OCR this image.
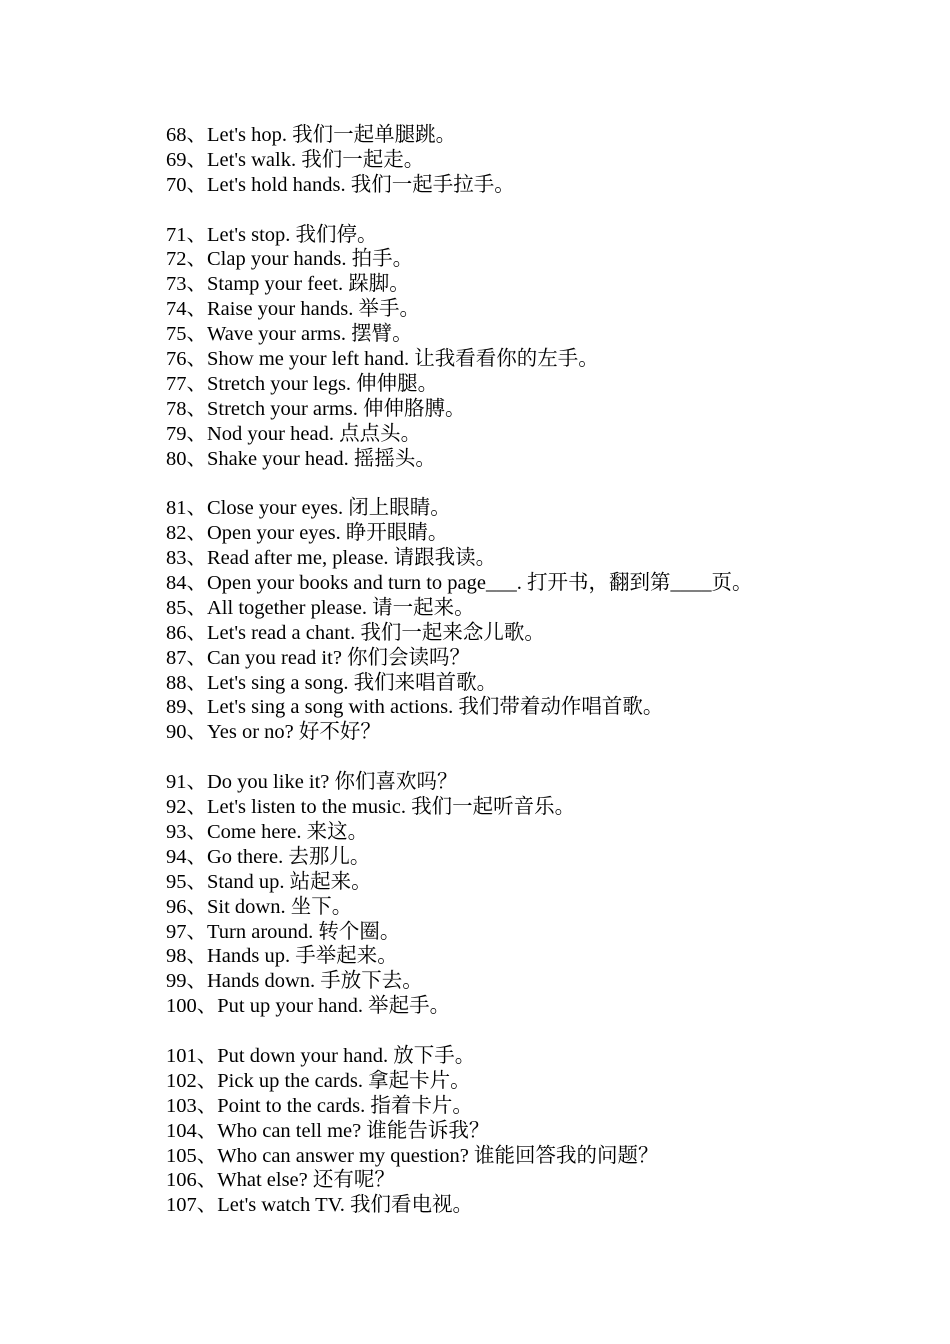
68、Let's hop. 我们一起单腿跳。
69、Let's walk. 我们一起走。
70、Let's hold hands. 我们一起手拉手。
71、Let's stop. 我们停。
72、Clap your hands. 拍手。
73、Stamp your feet. 跺脚。
74、Raise your hands. 举手。
75、Wave your arms. 摆臂。
76、Show me your left hand. 让我看看你的左手。
77、Stretch your legs. 伸伸腿。
78、Stretch your arms. 伸伸胳膊。
79、Nod your head. 点点头。
80、Shake your head. 摇摇头。
81、Close your eyes. 闭上眼睛。
82、Open your eyes. 睁开眼睛。
83、Read after me, please. 请跟我读。
84、Open your books and turn to page___. 打开书，翻到第____页。
85、All together please. 请一起来。
86、Let's read a chant. 我们一起来念儿歌。
87、Can you read it? 你们会读吗？
88、Let's sing a song. 我们来唱首歌。
89、Let's sing a song with actions. 我们带着动作唱首歌。
90、Yes or no? 好不好？
91、Do you like it? 你们喜欢吗？
92、Let's listen to the music. 我们一起听音乐。
93、Come here. 来这。
94、Go there. 去那儿。
95、Stand up. 站起来。
96、Sit down. 坐下。
97、Turn around. 转个圈。
98、Hands up. 手举起来。
99、Hands down. 手放下去。
100、Put up your hand. 举起手。
101、Put down your hand. 放下手。
102、Pick up the cards. 拿起卡片。
103、Point to the cards. 指着卡片。
104、Who can tell me? 谁能告诉我？
105、Who can answer my question? 谁能回答我的问题？
106、What else? 还有呢？
107、Let's watch TV. 我们看电视。
